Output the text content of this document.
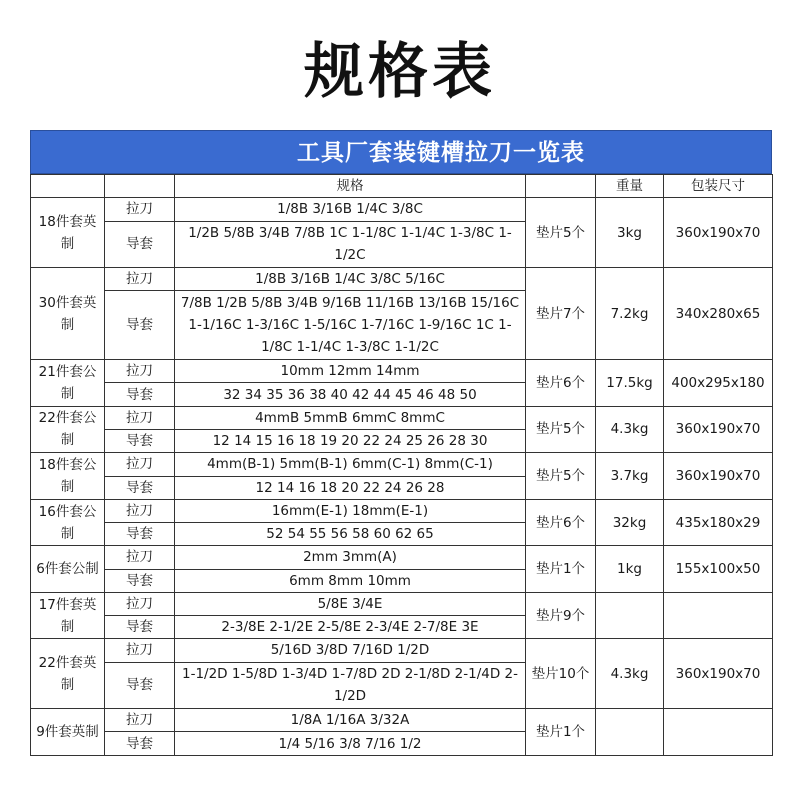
规格表
工具厂套装键槽拉刀一览表
		规格		重量	包装尺寸
18件套英制	拉刀	1/8B 3/16B 1/4C 3/8C	垫片5个	3kg	360x190x70
	导套	1/2B 5/8B 3/4B 7/8B 1C 1-1/8C 1-1/4C 1-3/8C 1-1/2C			
30件套英制	拉刀	1/8B 3/16B 1/4C 3/8C 5/16C	垫片7个	7.2kg	340x280x65
	导套	7/8B 1/2B 5/8B 3/4B 9/16B 11/16B 13/16B 15/16C 1-1/16C 1-3/16C 1-5/16C 1-7/16C 1-9/16C 1C 1-1/8C 1-1/4C 1-3/8C 1-1/2C			
21件套公制	拉刀	10mm 12mm 14mm	垫片6个	17.5kg	400x295x180
	导套	32 34 35 36 38 40 42 44 45 46 48 50			
22件套公制	拉刀	4mmB 5mmB 6mmC 8mmC	垫片5个	4.3kg	360x190x70
	导套	12 14 15 16 18 19 20 22 24 25 26 28 30			
18件套公制	拉刀	4mm(B-1) 5mm(B-1) 6mm(C-1) 8mm(C-1)	垫片5个	3.7kg	360x190x70
	导套	12 14 16 18 20 22 24 26 28			
16件套公制	拉刀	16mm(E-1) 18mm(E-1)	垫片6个	32kg	435x180x29
	导套	52 54 55 56 58 60 62 65			
6件套公制	拉刀	2mm 3mm(A)	垫片1个	1kg	155x100x50
	导套	6mm 8mm 10mm			
17件套英制	拉刀	5/8E 3/4E	垫片9个		
	导套	2-3/8E 2-1/2E 2-5/8E 2-3/4E 2-7/8E 3E			
22件套英制	拉刀	5/16D 3/8D 7/16D 1/2D	垫片10个	4.3kg	360x190x70
	导套	1-1/2D 1-5/8D 1-3/4D 1-7/8D 2D 2-1/8D 2-1/4D 2-1/2D			
9件套英制	拉刀	1/8A 1/16A 3/32A	垫片1个		
	导套	1/4 5/16 3/8 7/16 1/2			
